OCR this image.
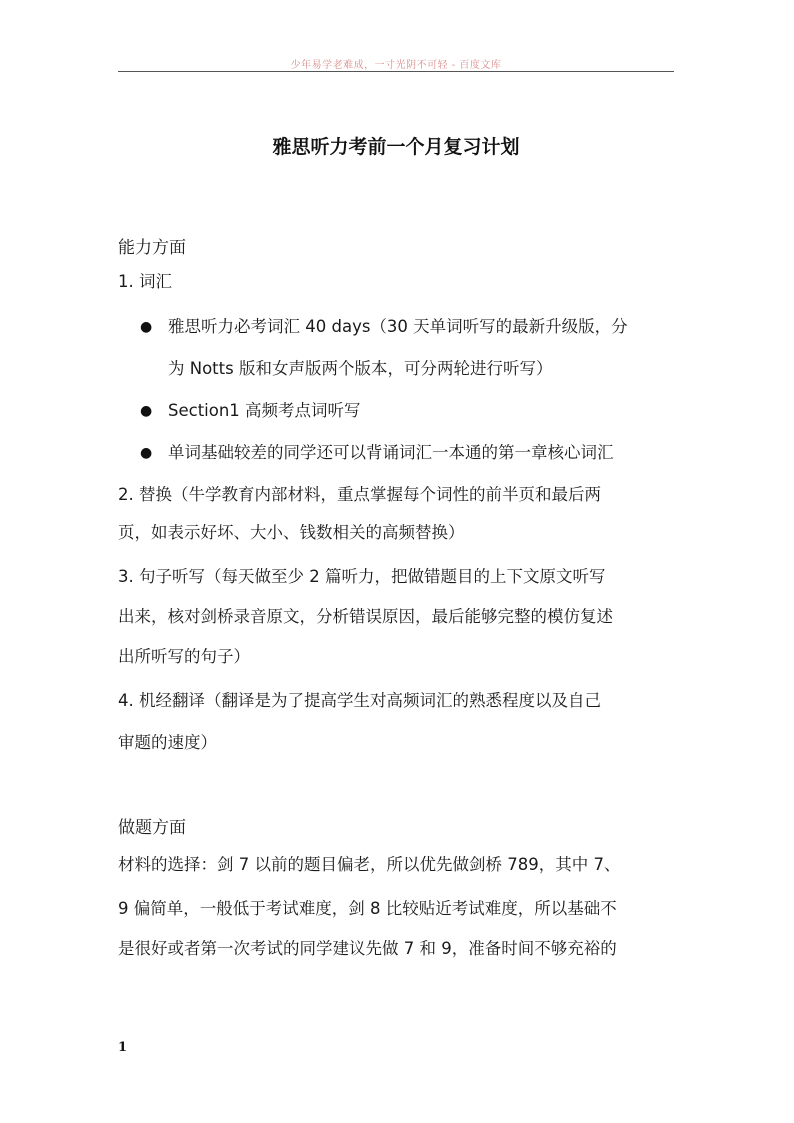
少年易学老难成，一寸光阴不可轻 - 百度文库
雅思听力考前一个月复习计划
能力方面
1. 词汇
● 雅思听力必考词汇 40 days（30 天单词听写的最新升级版，分
为 Notts 版和女声版两个版本，可分两轮进行听写）
● Section1 高频考点词听写
● 单词基础较差的同学还可以背诵词汇一本通的第一章核心词汇
2. 替换（牛学教育内部材料，重点掌握每个词性的前半页和最后两
页，如表示好坏、大小、钱数相关的高频替换）
3. 句子听写（每天做至少 2 篇听力，把做错题目的上下文原文听写
出来，核对剑桥录音原文，分析错误原因，最后能够完整的模仿复述
出所听写的句子）
4. 机经翻译（翻译是为了提高学生对高频词汇的熟悉程度以及自己
审题的速度）
做题方面
材料的选择：剑 7 以前的题目偏老，所以优先做剑桥 789，其中 7、
9 偏简单，一般低于考试难度，剑 8 比较贴近考试难度，所以基础不
是很好或者第一次考试的同学建议先做 7 和 9，准备时间不够充裕的
1
